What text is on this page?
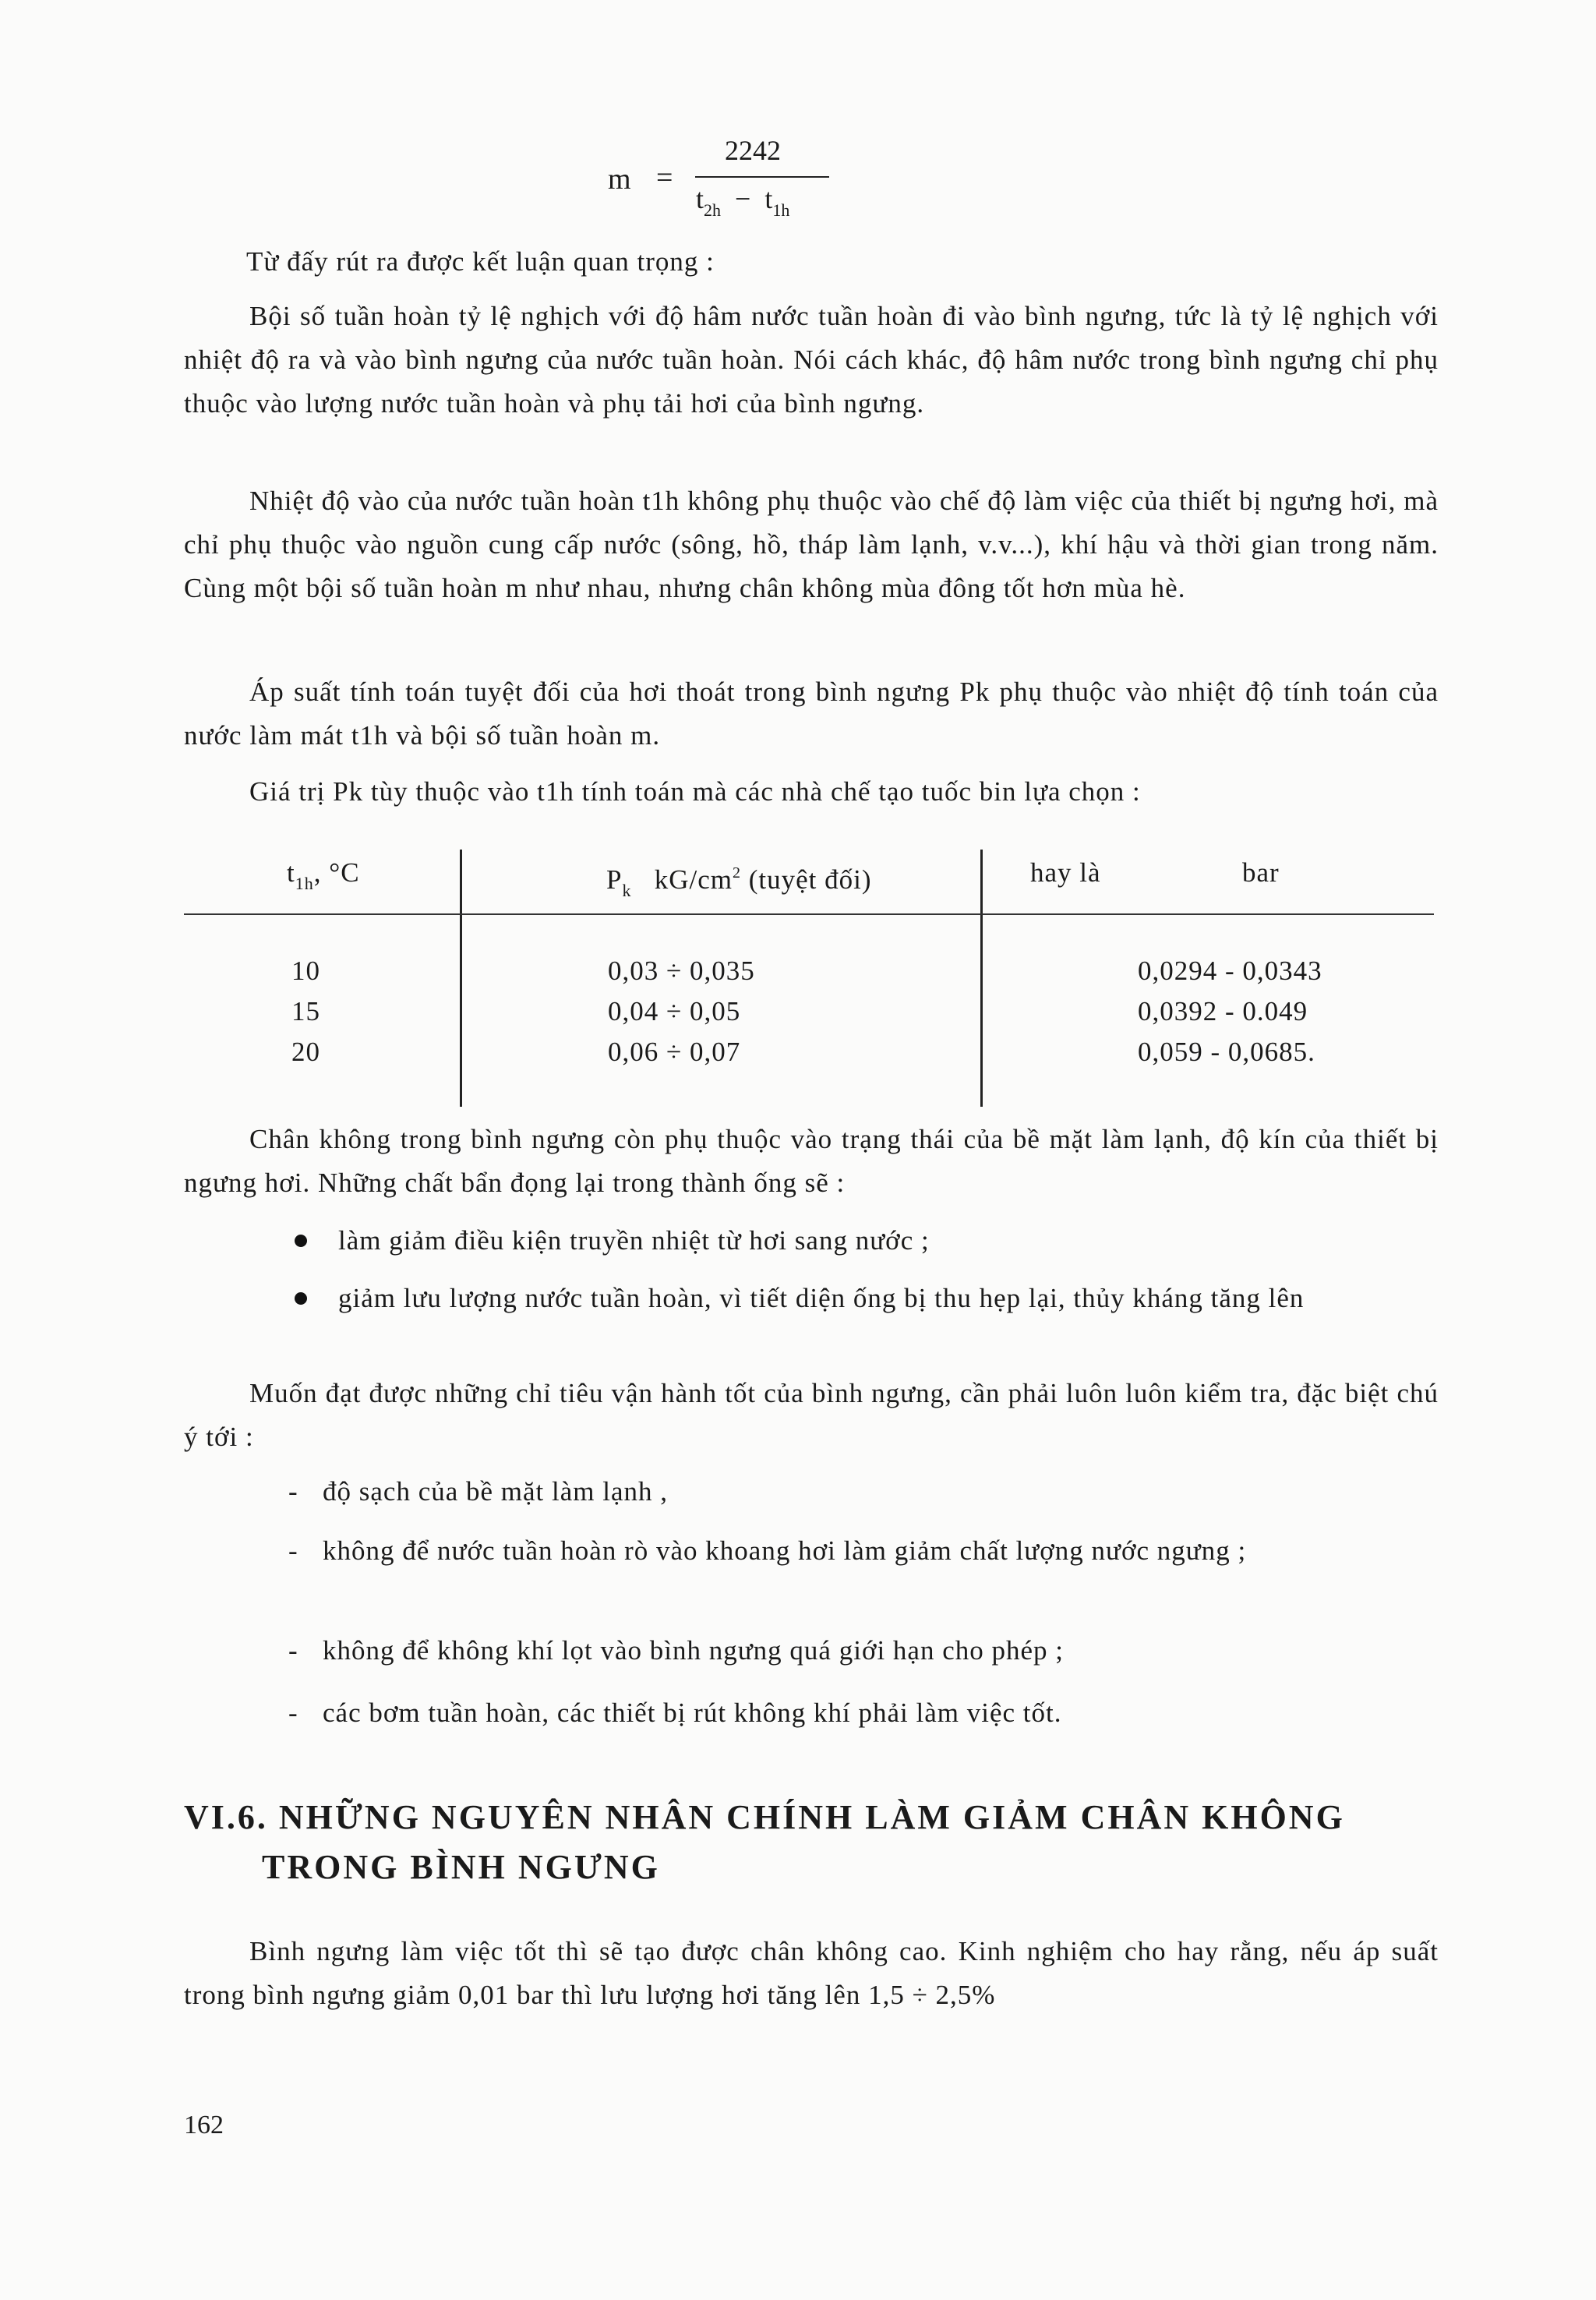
m =
2242
$t_{2h} - t_{1h}$
Từ đấy rút ra được kết luận quan trọng :
Bội số tuần hoàn tỷ lệ nghịch với độ hâm nước tuần hoàn đi vào bình ngưng, tức là tỷ lệ nghịch với nhiệt độ ra và vào bình ngưng của nước tuần hoàn. Nói cách khác, độ hâm nước trong bình ngưng chỉ phụ thuộc vào lượng nước tuần hoàn và phụ tải hơi của bình ngưng.
Nhiệt độ vào của nước tuần hoàn t1h không phụ thuộc vào chế độ làm việc của thiết bị ngưng hơi, mà chỉ phụ thuộc vào nguồn cung cấp nước (sông, hồ, tháp làm lạnh, v.v...), khí hậu và thời gian trong năm. Cùng một bội số tuần hoàn m như nhau, nhưng chân không mùa đông tốt hơn mùa hè.
Áp suất tính toán tuyệt đối của hơi thoát trong bình ngưng Pk phụ thuộc vào nhiệt độ tính toán của nước làm mát t1h và bội số tuần hoàn m.
Giá trị Pk tùy thuộc vào t1h tính toán mà các nhà chế tạo tuốc bin lựa chọn :
$t_{1h}$, °C	$P_k$ $kG/cm^2$ (tuyệt đối)	hay là	bar
10	0,03 ÷ 0,035	0,0294 - 0,0343
15	0,04 ÷ 0,05	0,0392 - 0.049
20	0,06 ÷ 0,07	0,059 - 0,0685.
Chân không trong bình ngưng còn phụ thuộc vào trạng thái của bề mặt làm lạnh, độ kín của thiết bị ngưng hơi. Những chất bẩn đọng lại trong thành ống sẽ :
làm giảm điều kiện truyền nhiệt từ hơi sang nước ;
giảm lưu lượng nước tuần hoàn, vì tiết diện ống bị thu hẹp lại, thủy kháng tăng lên
Muốn đạt được những chỉ tiêu vận hành tốt của bình ngưng, cần phải luôn luôn kiểm tra, đặc biệt chú ý tới :
- độ sạch của bề mặt làm lạnh ,
- không để nước tuần hoàn rò vào khoang hơi làm giảm chất lượng nước ngưng ;
- không để không khí lọt vào bình ngưng quá giới hạn cho phép ;
- các bơm tuần hoàn, các thiết bị rút không khí phải làm việc tốt.
VI.6. NHỮNG NGUYÊN NHÂN CHÍNH LÀM GIẢM CHÂN KHÔNG
TRONG BÌNH NGƯNG
Bình ngưng làm việc tốt thì sẽ tạo được chân không cao. Kinh nghiệm cho hay rằng, nếu áp suất trong bình ngưng giảm 0,01 bar thì lưu lượng hơi tăng lên 1,5 ÷ 2,5%
162
